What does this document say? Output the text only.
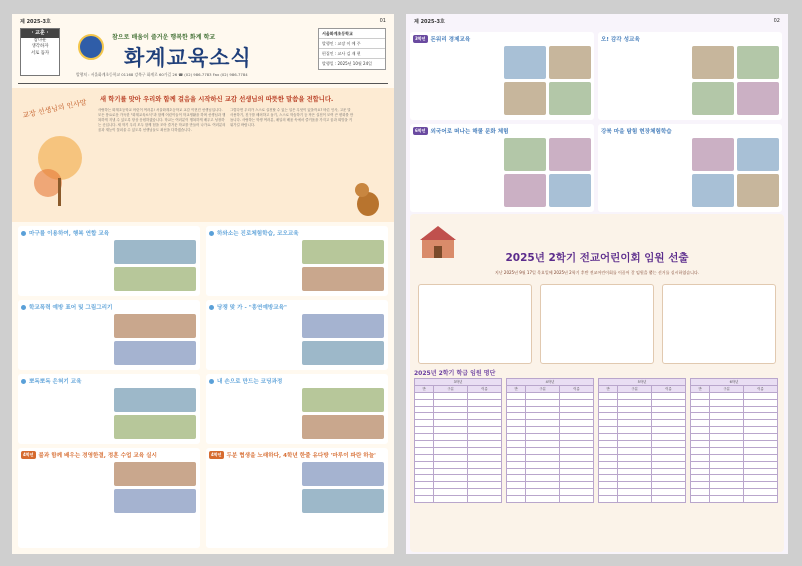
제 2025-3호	01
· 교훈 ·
참다운
생각하자
서로 돕자
참으로 배움이 즐거운 행복한 화계 학교
화계교육소식
발행처 : 서울화계초등학교 01168 강북구 화계로 60가길 26 ☎ (02) 986-7783 Fax (02) 986-7784
서울화계초등학교
발행인 : 교장 이 예 주
편집인 : 교사 김 재 현
발행일 : 2025년 10월 24일
교장 선생님의 인사말 새 학기를 맞아 우리와 함께 걸음을 시작하신 교감 선생님의 따뜻한 말씀을 전합니다.
사랑하는 화계초등학교 어린이 여러분! 서울화계초등학교 교감 이현진 선생님입니다. 모든 풍요로운 가득한 "화계교육소식"과 함께 어린이들이 학교생활을 하며 선생님과 행복하게 지낼 수 있도록 항상 응원하겠습니다. 학교는 여러분이 행복하게 배우고 성장하는 곳입니다. 새 학기 우리 모두 함께 힘을 모아 즐거운 학교를 만들어 나가요. 여러분의 꿈과 재능이 꽃피울 수 있도록 선생님들도 최선을 다하겠습니다.
그렇다면 우리가 스스로 실천할 수 있는 일은 무엇이 있을까요? 바른 인사, 고운 말 사용하기, 친구를 배려하고 돕기, 스스로 학습하기 등 작은 실천이 모여 큰 변화를 만듭니다. 사랑하는 학생 여러분, 매일의 배움 속에서 즐거움을 가지고 꿈과 희망을 키워가길 바랍니다.
마구를 이용하여, 행복 연합 교육	하와소는 진로체험학습, 코오교육
학교폭력 예방 표어 및 그림그리기	당쟁 맞 가 - "흥연예방교육"
뽀독뽀독 은혀기 교육	내 손으로 만드는 코딩과정
4학년 불과 함께 배우는 경영한결, 정훈 수업 교육 실시	4학년 두분 협생을 노래하다, 4학년 한줄 유다방 '마루이 파란 하늘'
제 2025-3호	02
3학년 돈워리 경제교육	오! 감각 성교육
6학년 외국어로 떠나는 해쿨 문화 체험	강북 마을 탐험 현장체험학습
2025년 2학기 전교어린이회 임원 선출
지난 2025년 9월 17일 목요일에 2025년 2학기 후반 전교어린이회를 이끌어 갈 임원을 뽑는 선거를 실시하였습니다.
2025년 2학기 학급 임원 명단
3학년		
반	구분	이름

4학년		
반	구분	이름

5학년		
반	구분	이름

6학년		
반	구분	이름
